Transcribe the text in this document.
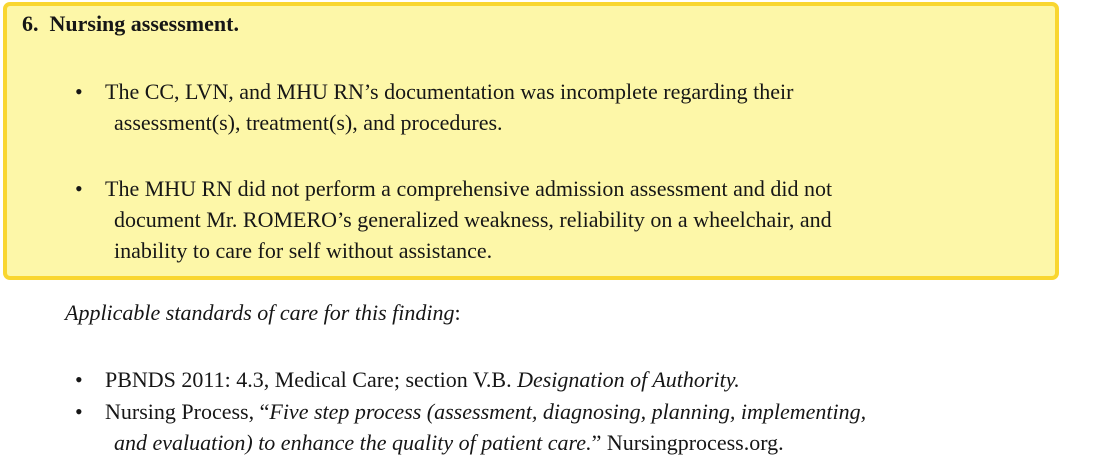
6. Nursing assessment.
• The CC, LVN, and MHU RN’s documentation was incomplete regarding their
assessment(s), treatment(s), and procedures.
• The MHU RN did not perform a comprehensive admission assessment and did not
document Mr. ROMERO’s generalized weakness, reliability on a wheelchair, and
inability to care for self without assistance.

Applicable standards of care for this finding:

• PBNDS 2011: 4.3, Medical Care; section V.B. Designation of Authority.
• Nursing Process, “Five step process (assessment, diagnosing, planning, implementing,
and evaluation) to enhance the quality of patient care.” Nursingprocess.org.
